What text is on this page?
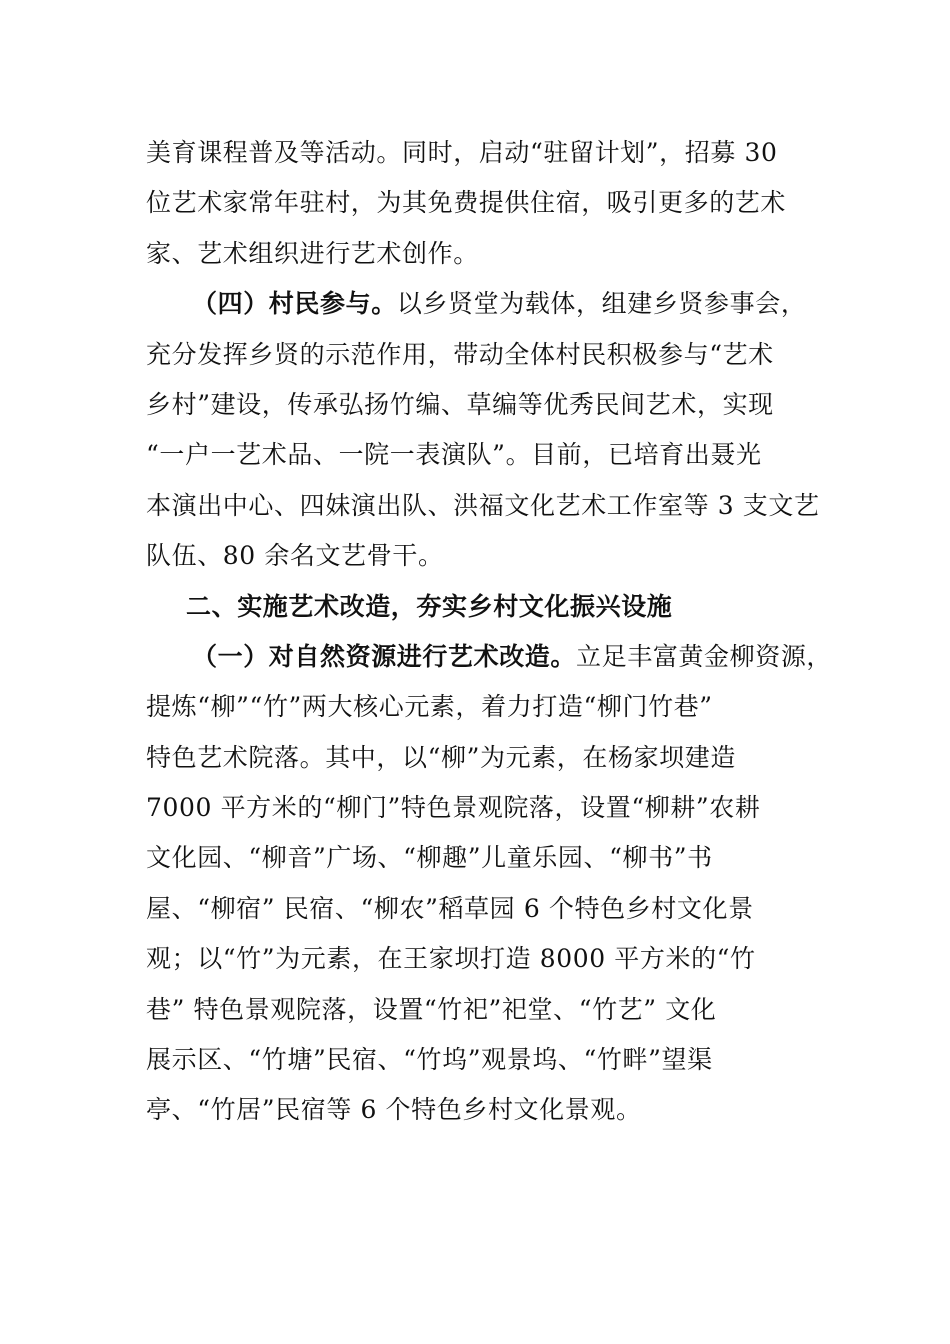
美育课程普及等活动。同时，启动“驻留计划”，招募 30
位艺术家常年驻村，为其免费提供住宿，吸引更多的艺术
家、艺术组织进行艺术创作。
（四）村民参与。以乡贤堂为载体，组建乡贤参事会，
充分发挥乡贤的示范作用，带动全体村民积极参与“艺术
乡村”建设，传承弘扬竹编、草编等优秀民间艺术，实现
“一户一艺术品、一院一表演队”。目前，已培育出聂光
本演出中心、四妹演出队、洪福文化艺术工作室等 3 支文艺
队伍、80 余名文艺骨干。
二、实施艺术改造，夯实乡村文化振兴设施
（一）对自然资源进行艺术改造。立足丰富黄金柳资源，
提炼“柳”“竹”两大核心元素，着力打造“柳门竹巷”
特色艺术院落。其中，以“柳”为元素，在杨家坝建造
7000 平方米的“柳门”特色景观院落，设置“柳耕”农耕
文化园、“柳音”广场、“柳趣”儿童乐园、“柳书”书
屋、“柳宿” 民宿、“柳农”稻草园 6 个特色乡村文化景
观；以“竹”为元素，在王家坝打造 8000 平方米的“竹
巷” 特色景观院落，设置“竹祀”祀堂、“竹艺” 文化
展示区、“竹塘”民宿、“竹坞”观景坞、“竹畔”望渠
亭、“竹居”民宿等 6 个特色乡村文化景观。
